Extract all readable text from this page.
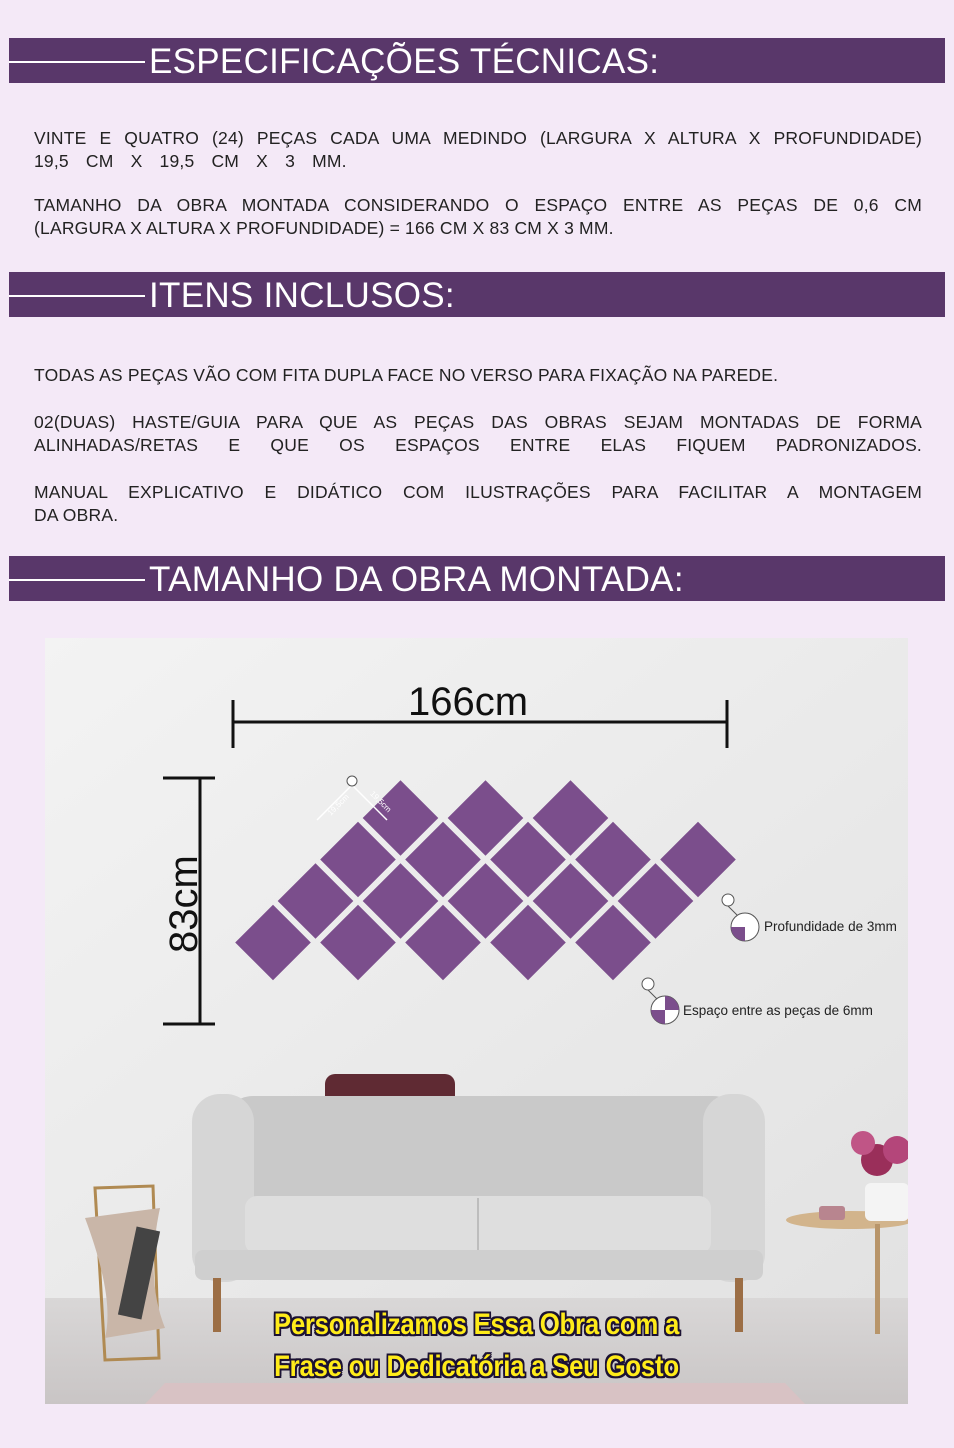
ESPECIFICAÇÕES TÉCNICAS:
VINTE E QUATRO (24) PEÇAS CADA UMA MEDINDO (LARGURA X ALTURA X PROFUNDIDADE)
19,5 CM X 19,5 CM X 3 MM.
TAMANHO DA OBRA MONTADA CONSIDERANDO O ESPAÇO ENTRE AS PEÇAS DE 0,6 CM
(LARGURA X ALTURA X PROFUNDIDADE) = 166 CM X 83 CM X 3 MM.
ITENS INCLUSOS:
TODAS AS PEÇAS VÃO COM FITA DUPLA FACE NO VERSO PARA FIXAÇÃO NA PAREDE.
02(DUAS) HASTE/GUIA PARA QUE AS PEÇAS DAS OBRAS SEJAM MONTADAS DE FORMA
ALINHADAS/RETAS E QUE OS ESPAÇOS ENTRE ELAS FIQUEM PADRONIZADOS.
MANUAL EXPLICATIVO E DIDÁTICO COM ILUSTRAÇÕES PARA FACILITAR A MONTAGEM
DA OBRA.
TAMANHO DA OBRA MONTADA:
19,5cm 19,5cm
166cm
83cm	Profundidade de 3mm
Espaço entre as peças de 6mm
Personalizamos Essa Obra com a
Frase ou Dedicatória a Seu Gosto
